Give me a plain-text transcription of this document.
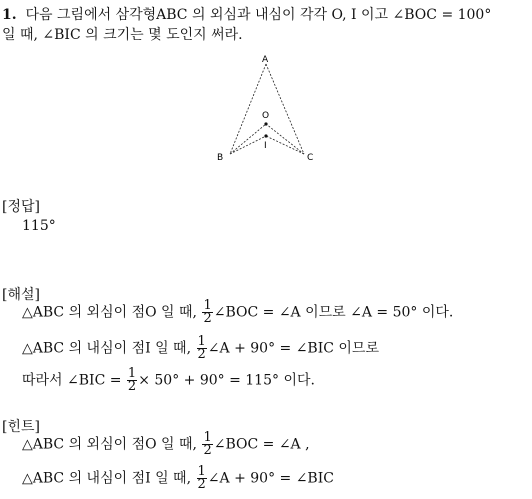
1. 다음 그림에서 삼각형ABC 의 외심과 내심이 각각 O, I 이고 ∠BOC = 100°
일 때, ∠BIC 의 크기는 몇 도인지 써라.
A
B	C
O
I
[정답]
115°
[해설]
△ABC 의 외심이 점O 일 때, $\frac{1}{2}$ ∠BOC = ∠A 이므로 ∠A = 50° 이다.
△ABC 의 내심이 점I 일 때, $\frac{1}{2}$ ∠A + 90° = ∠BIC 이므로
따라서 ∠BIC = $\frac{1}{2} \times 50^\circ + 90^\circ = 115^\circ$ 이다.
[힌트]
△ABC 의 외심이 점O 일 때, $\frac{1}{2}$ ∠BOC = ∠A ,
△ABC 의 내심이 점I 일 때, $\frac{1}{2}$ ∠A + 90° = ∠BIC
